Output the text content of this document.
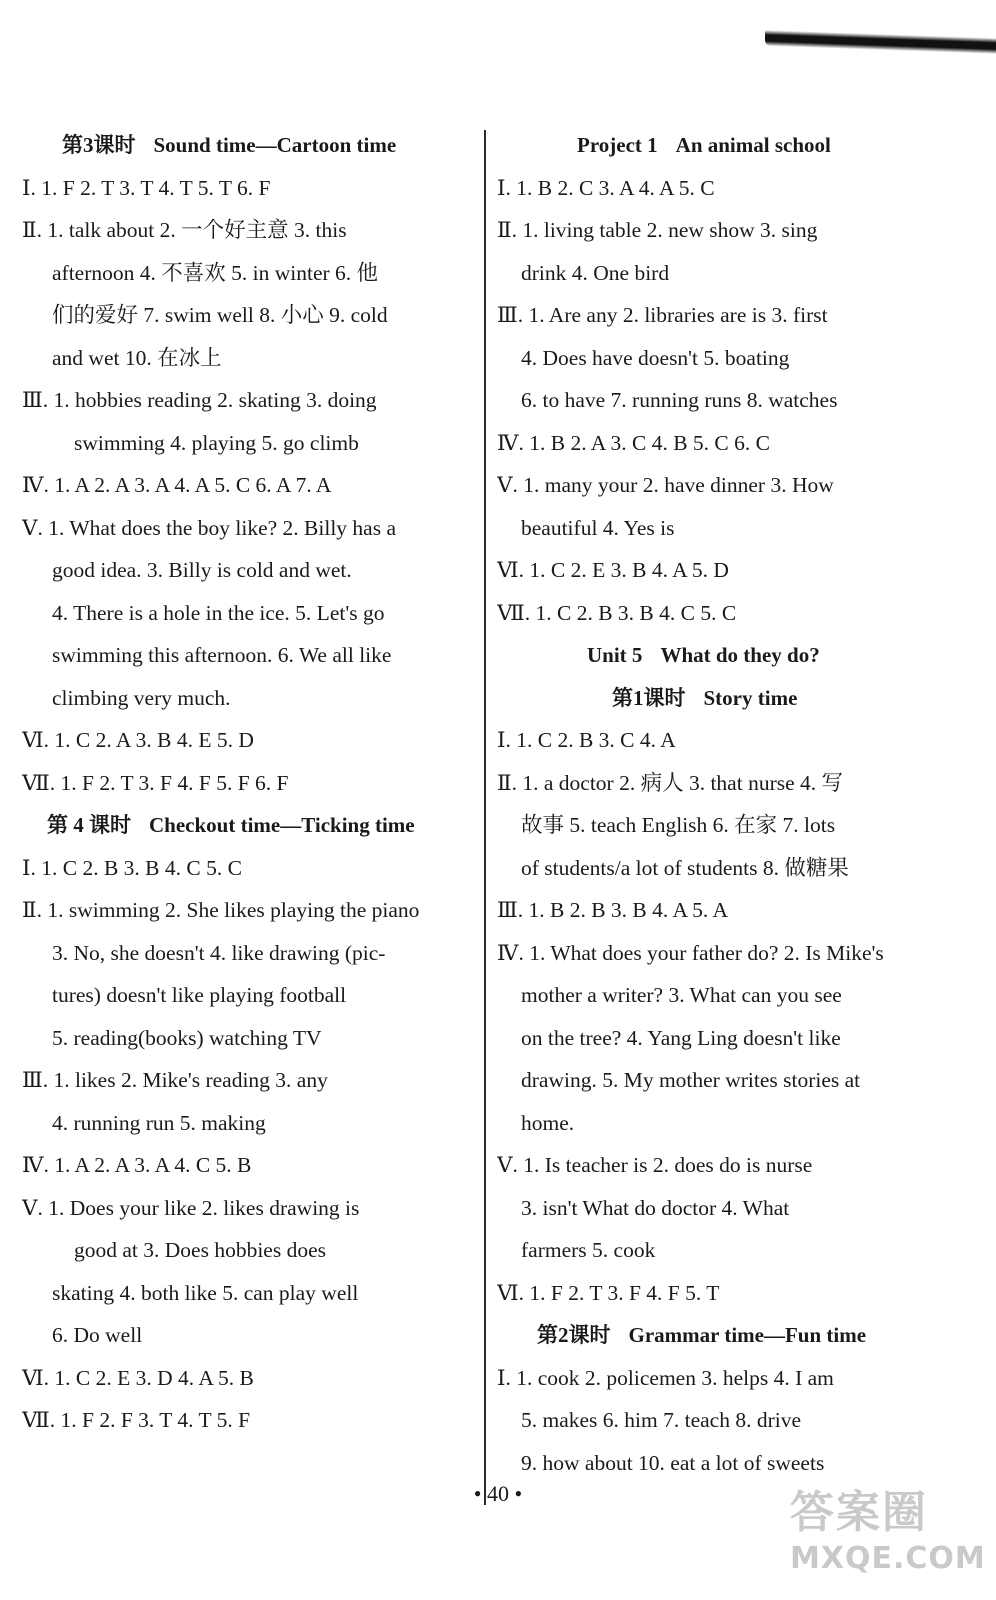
第3课时 Sound time—Cartoon time
Ⅰ. 1. F 2. T 3. T 4. T 5. T 6. F
Ⅱ. 1. talk about 2. 一个好主意 3. this
afternoon 4. 不喜欢 5. in winter 6. 他
们的爱好 7. swim well 8. 小心 9. cold
and wet 10. 在冰上
Ⅲ. 1. hobbies reading 2. skating 3. doing
swimming 4. playing 5. go climb
Ⅳ. 1. A 2. A 3. A 4. A 5. C 6. A 7. A
Ⅴ. 1. What does the boy like? 2. Billy has a
good idea. 3. Billy is cold and wet.
4. There is a hole in the ice. 5. Let's go
swimming this afternoon. 6. We all like
climbing very much.
Ⅵ. 1. C 2. A 3. B 4. E 5. D
Ⅶ. 1. F 2. T 3. F 4. F 5. F 6. F
第 4 课时 Checkout time—Ticking time
Ⅰ. 1. C 2. B 3. B 4. C 5. C
Ⅱ. 1. swimming 2. She likes playing the piano
3. No, she doesn't 4. like drawing (pic-
tures) doesn't like playing football
5. reading(books) watching TV
Ⅲ. 1. likes 2. Mike's reading 3. any
4. running run 5. making
Ⅳ. 1. A 2. A 3. A 4. C 5. B
Ⅴ. 1. Does your like 2. likes drawing is
good at 3. Does hobbies does
skating 4. both like 5. can play well
6. Do well
Ⅵ. 1. C 2. E 3. D 4. A 5. B
Ⅶ. 1. F 2. F 3. T 4. T 5. F
Project 1 An animal school
Ⅰ. 1. B 2. C 3. A 4. A 5. C
Ⅱ. 1. living table 2. new show 3. sing
drink 4. One bird
Ⅲ. 1. Are any 2. libraries are is 3. first
4. Does have doesn't 5. boating
6. to have 7. running runs 8. watches
Ⅳ. 1. B 2. A 3. C 4. B 5. C 6. C
Ⅴ. 1. many your 2. have dinner 3. How
beautiful 4. Yes is
Ⅵ. 1. C 2. E 3. B 4. A 5. D
Ⅶ. 1. C 2. B 3. B 4. C 5. C
Unit 5 What do they do?
第1课时 Story time
Ⅰ. 1. C 2. B 3. C 4. A
Ⅱ. 1. a doctor 2. 病人 3. that nurse 4. 写
故事 5. teach English 6. 在家 7. lots
of students/a lot of students 8. 做糖果
Ⅲ. 1. B 2. B 3. B 4. A 5. A
Ⅳ. 1. What does your father do? 2. Is Mike's
mother a writer? 3. What can you see
on the tree? 4. Yang Ling doesn't like
drawing. 5. My mother writes stories at
home.
Ⅴ. 1. Is teacher is 2. does do is nurse
3. isn't What do doctor 4. What
farmers 5. cook
Ⅵ. 1. F 2. T 3. F 4. F 5. T
第2课时 Grammar time—Fun time
Ⅰ. 1. cook 2. policemen 3. helps 4. I am
5. makes 6. him 7. teach 8. drive
9. how about 10. eat a lot of sweets
• 40 •	答案圈
MXQE.COM
